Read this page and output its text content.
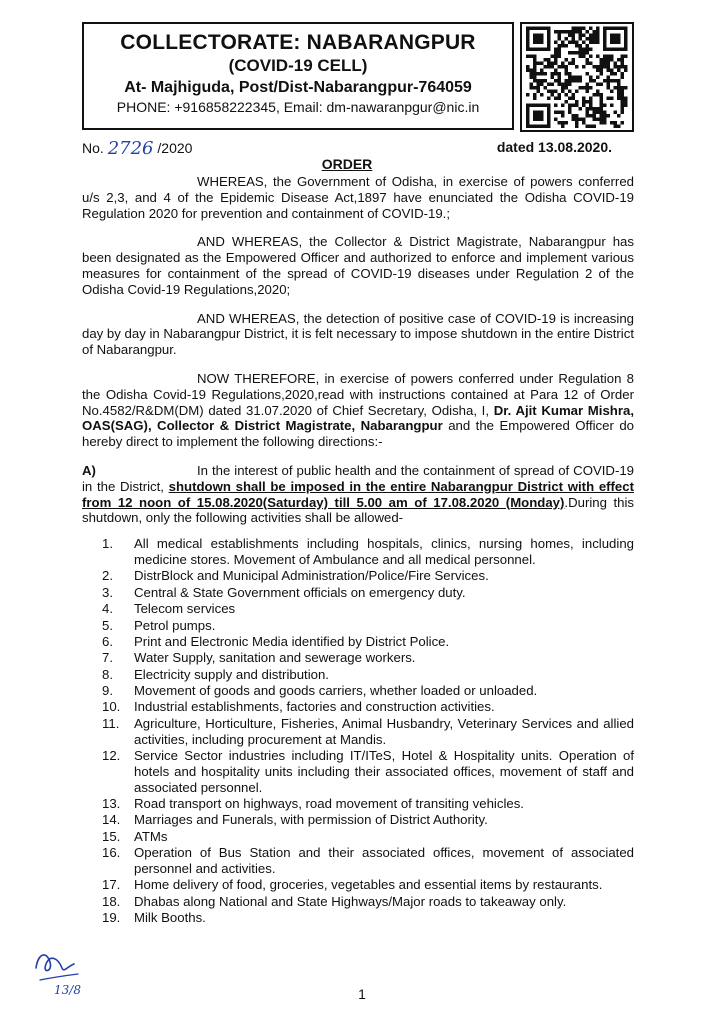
COLLECTORATE: NABARANGPUR
(COVID-19 CELL)
At- Majhiguda, Post/Dist-Nabarangpur-764059
PHONE: +916858222345, Email: dm-nawaranpgur@nic.in
No. 2726 /2020	dated 13.08.2020.
ORDER

WHEREAS, the Government of Odisha, in exercise of powers conferred u/s 2,3, and 4 of the Epidemic Disease Act,1897 have enunciated the Odisha COVID-19 Regulation 2020 for prevention and containment of COVID-19.;

AND WHEREAS, the Collector & District Magistrate, Nabarangpur has been designated as the Empowered Officer and authorized to enforce and implement various measures for containment of the spread of COVID-19 diseases under Regulation 2 of the Odisha Covid-19 Regulations,2020;

AND WHEREAS, the detection of positive case of COVID-19 is increasing day by day in Nabarangpur District, it is felt necessary to impose shutdown in the entire District of Nabarangpur.

NOW THEREFORE, in exercise of powers conferred under Regulation 8 the Odisha Covid-19 Regulations,2020,read with instructions contained at Para 12 of Order No.4582/R&DM(DM) dated 31.07.2020 of Chief Secretary, Odisha, I, Dr. Ajit Kumar Mishra, OAS(SAG), Collector & District Magistrate, Nabarangpur and the Empowered Officer do hereby direct to implement the following directions:-

A)	In the interest of public health and the containment of spread of COVID-19 in the District, shutdown shall be imposed in the entire Nabarangpur District with effect from 12 noon of 15.08.2020(Saturday) till 5.00 am of 17.08.2020 (Monday).During this shutdown, only the following activities shall be allowed-

1. All medical establishments including hospitals, clinics, nursing homes, including medicine stores. Movement of Ambulance and all medical personnel.
2. DistrBlock and Municipal Administration/Police/Fire Services.
3. Central & State Government officials on emergency duty.
4. Telecom services
5. Petrol pumps.
6. Print and Electronic Media identified by District Police.
7. Water Supply, sanitation and sewerage workers.
8. Electricity supply and distribution.
9. Movement of goods and goods carriers, whether loaded or unloaded.
10. Industrial establishments, factories and construction activities.
11. Agriculture, Horticulture, Fisheries, Animal Husbandry, Veterinary Services and allied activities, including procurement at Mandis.
12. Service Sector industries including IT/ITeS, Hotel & Hospitality units. Operation of hotels and hospitality units including their associated offices, movement of staff and associated personnel.
13. Road transport on highways, road movement of transiting vehicles.
14. Marriages and Funerals, with permission of District Authority.
15. ATMs
16. Operation of Bus Station and their associated offices, movement of associated personnel and activities.
17. Home delivery of food, groceries, vegetables and essential items by restaurants.
18. Dhabas along National and State Highways/Major roads to takeaway only.
19. Milk Booths.
13/8	1
